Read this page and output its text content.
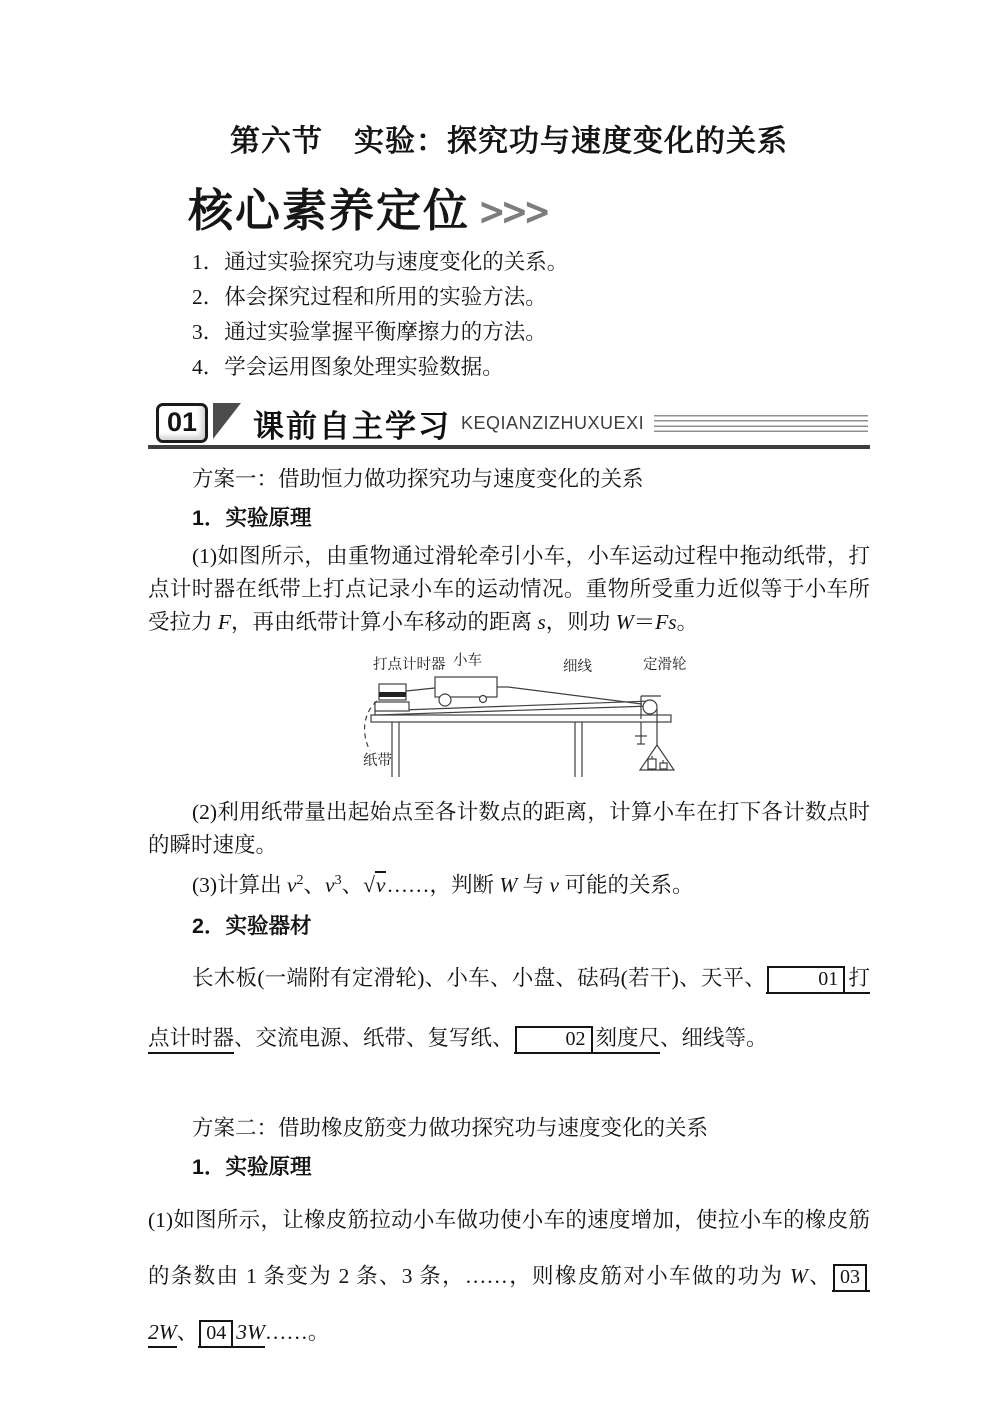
第六节　实验：探究功与速度变化的关系
核心素养定位 >>>

1．通过实验探究功与速度变化的关系。

2．体会探究过程和所用的实验方法。

3．通过实验掌握平衡摩擦力的方法。

4．学会运用图象处理实验数据。

01	课前自主学习 KEQIANZIZHUXUEXI

方案一：借助恒力做功探究功与速度变化的关系

1．实验原理

(1)如图所示，由重物通过滑轮牵引小车，小车运动过程中拖动纸带，打点计时器在纸带上打点记录小车的运动情况。重物所受重力近似等于小车所受拉力 F，再由纸带计算小车移动的距离 s，则功 W＝Fs。

打点计时器 小车	细线	定滑轮
纸带

(2)利用纸带量出起始点至各计数点的距离，计算小车在打下各计数点时的瞬时速度。

(3)计算出 $v^2$、$v^3$、√v……，判断 W 与 v 可能的关系。

2．实验器材

长木板(一端附有定滑轮)、小车、小盘、砝码(若干)、天平、	01 打点计时器、交流电源、纸带、复写纸、	02 刻度尺、细线等。

方案二：借助橡皮筋变力做功探究功与速度变化的关系

1．实验原理

(1)如图所示，让橡皮筋拉动小车做功使小车的速度增加，使拉小车的橡皮筋的条数由 1 条变为 2 条、3 条，……，则橡皮筋对小车做的功为 W、 032W、 04 3W……。
